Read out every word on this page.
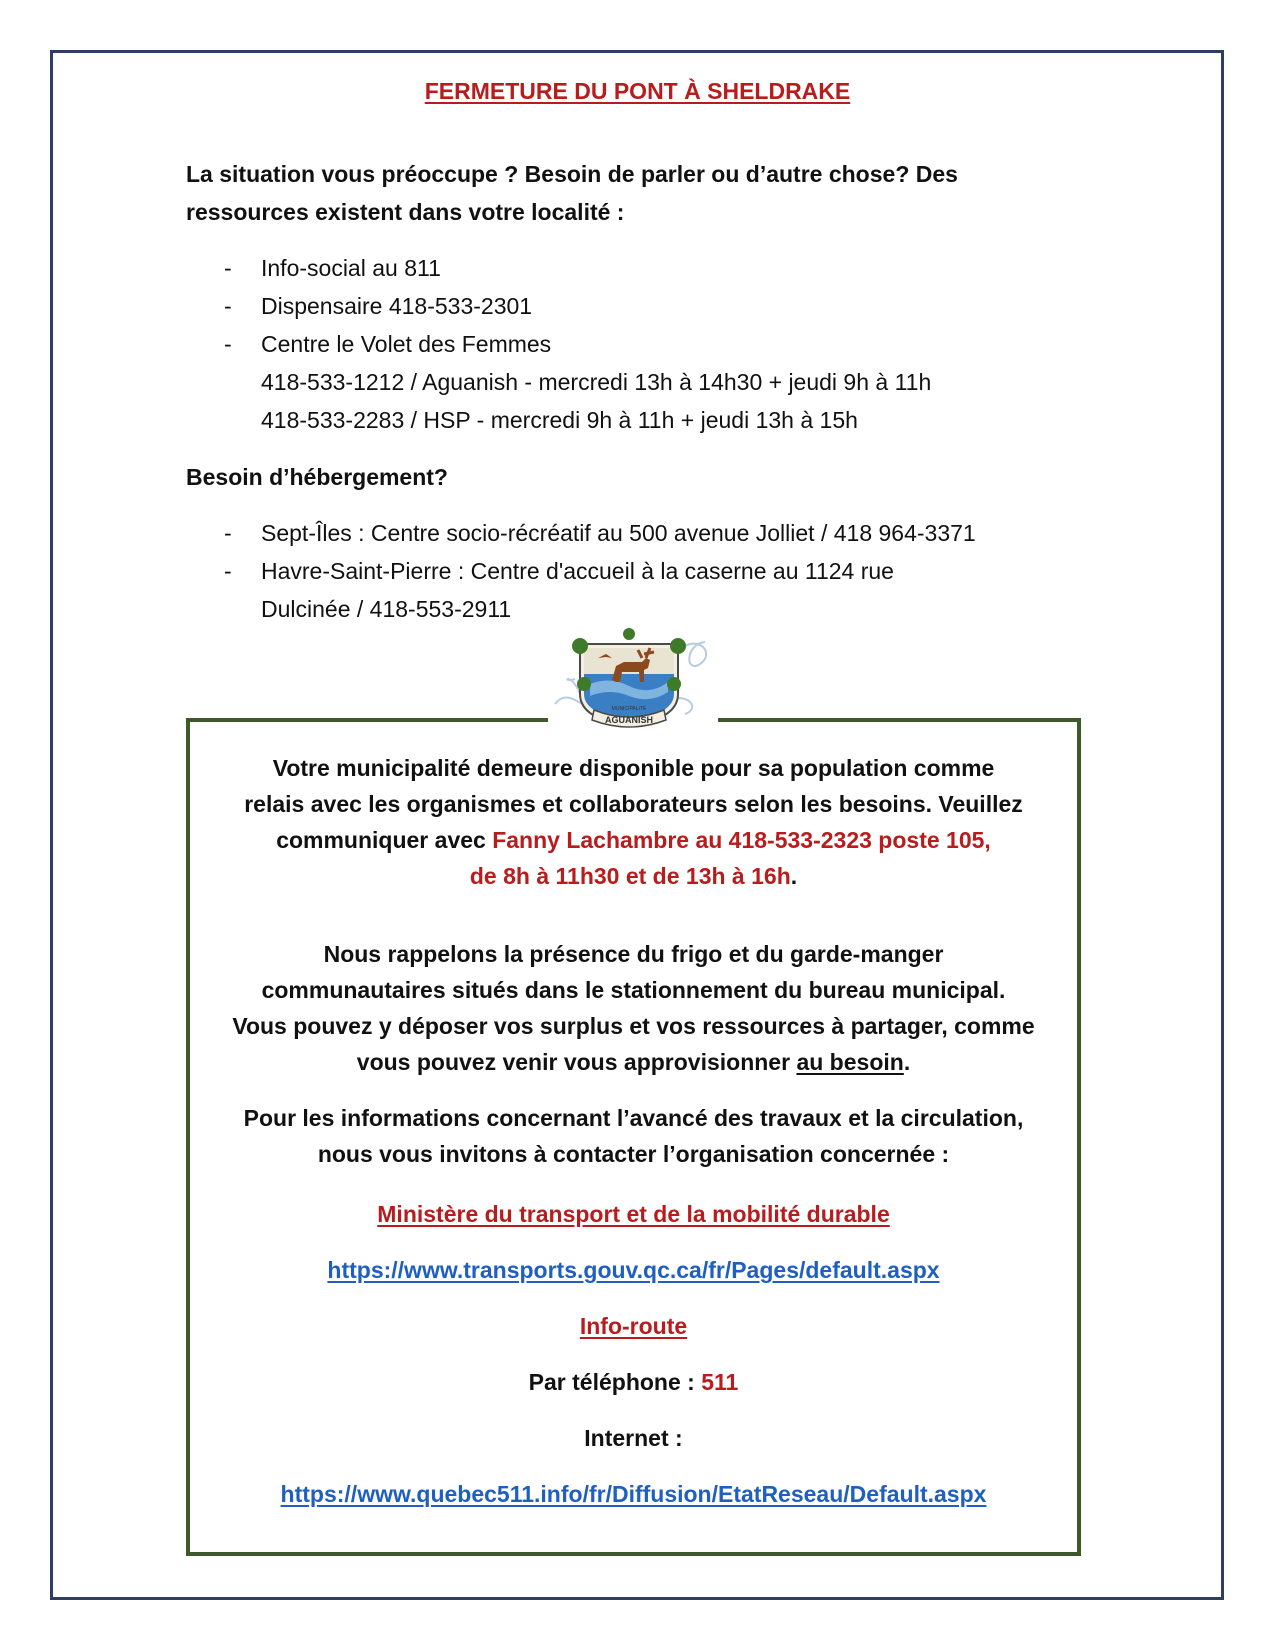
FERMETURE DU PONT À SHELDRAKE
La situation vous préoccupe ? Besoin de parler ou d’autre chose? Des
ressources existent dans votre localité :
- Info-social au 811
- Dispensaire 418-533-2301
- Centre le Volet des Femmes
418-533-1212 / Aguanish - mercredi 13h à 14h30 + jeudi 9h à 11h
418-533-2283 / HSP - mercredi 9h à 11h + jeudi 13h à 15h
Besoin d’hébergement?
- Sept-Îles : Centre socio-récréatif au 500 avenue Jolliet / 418 964-3371
- Havre-Saint-Pierre : Centre d'accueil à la caserne au 1124 rue
Dulcinée / 418-553-2911
AGUANISH
MUNICIPALITÉ

Votre municipalité demeure disponible pour sa population comme
relais avec les organismes et collaborateurs selon les besoins. Veuillez
communiquer avec Fanny Lachambre au 418-533-2323 poste 105,
de 8h à 11h30 et de 13h à 16h.

Nous rappelons la présence du frigo et du garde-manger
communautaires situés dans le stationnement du bureau municipal.
Vous pouvez y déposer vos surplus et vos ressources à partager, comme
vous pouvez venir vous approvisionner au besoin.

Pour les informations concernant l’avancé des travaux et la circulation,
nous vous invitons à contacter l’organisation concernée :

Ministère du transport et de la mobilité durable

https://www.transports.gouv.qc.ca/fr/Pages/default.aspx

Info-route

Par téléphone : 511

Internet :

https://www.quebec511.info/fr/Diffusion/EtatReseau/Default.aspx
